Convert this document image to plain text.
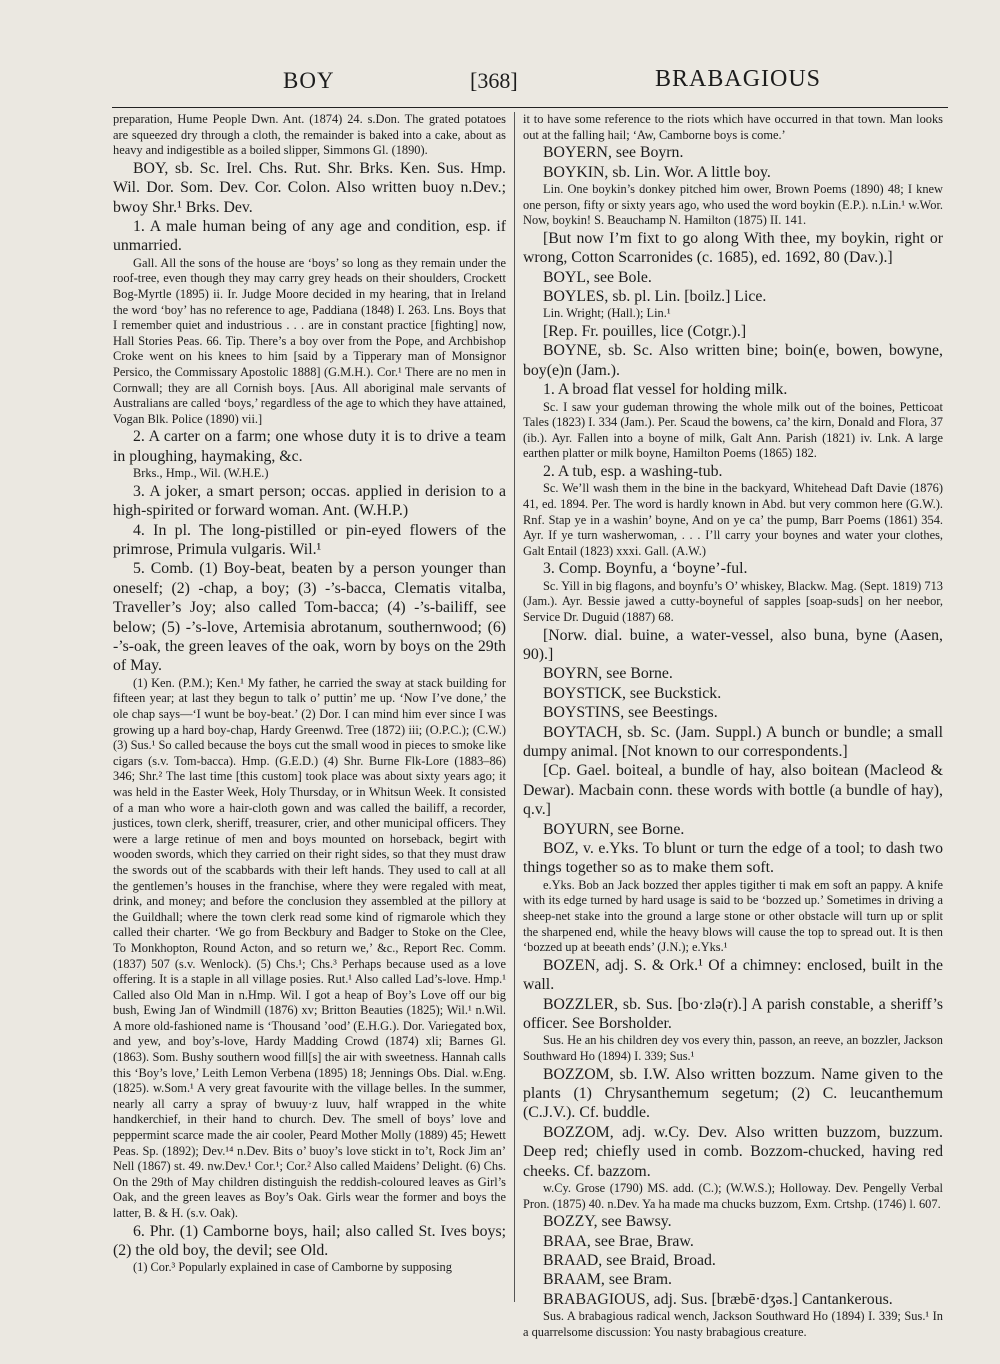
BOY	[368]	BRABAGIOUS

preparation, Hume People Dwn. Ant. (1874) 24. s.Don. The grated potatoes are squeezed dry through a cloth, the remainder is baked into a cake, about as heavy and indigestible as a boiled slipper, Simmons Gl. (1890).

BOY, sb. Sc. Irel. Chs. Rut. Shr. Brks. Ken. Sus. Hmp. Wil. Dor. Som. Dev. Cor. Colon. Also written buoy n.Dev.; bwoy Shr.¹ Brks. Dev.

1. A male human being of any age and condition, esp. if unmarried.

Gall. All the sons of the house are ‘boys’ so long as they remain under the roof-tree, even though they may carry grey heads on their shoulders, Crockett Bog-Myrtle (1895) ii. Ir. Judge Moore decided in my hearing, that in Ireland the word ‘boy’ has no reference to age, Paddiana (1848) I. 263. Lns. Boys that I remember quiet and industrious . . . are in constant practice [fighting] now, Hall Stories Peas. 66. Tip. There’s a boy over from the Pope, and Archbishop Croke went on his knees to him [said by a Tipperary man of Monsignor Persico, the Commissary Apostolic 1888] (G.M.H.). Cor.¹ There are no men in Cornwall; they are all Cornish boys. [Aus. All aboriginal male servants of Australians are called ‘boys,’ regardless of the age to which they have attained, Vogan Blk. Police (1890) vii.]

2. A carter on a farm; one whose duty it is to drive a team in ploughing, haymaking, &c.

Brks., Hmp., Wil. (W.H.E.)

3. A joker, a smart person; occas. applied in derision to a high-spirited or forward woman. Ant. (W.H.P.)

4. In pl. The long-pistilled or pin-eyed flowers of the primrose, Primula vulgaris. Wil.¹

5. Comb. (1) Boy-beat, beaten by a person younger than oneself; (2) -chap, a boy; (3) -’s-bacca, Clematis vitalba, Traveller’s Joy; also called Tom-bacca; (4) -’s-bailiff, see below; (5) -’s-love, Artemisia abrotanum, southernwood; (6) -’s-oak, the green leaves of the oak, worn by boys on the 29th of May.

(1) Ken. (P.M.); Ken.¹ My father, he carried the sway at stack building for fifteen year; at last they begun to talk o’ puttin’ me up. ‘Now I’ve done,’ the ole chap says—‘I wunt be boy-beat.’ (2) Dor. I can mind him ever since I was growing up a hard boy-chap, Hardy Greenwd. Tree (1872) iii; (O.P.C.); (C.W.) (3) Sus.¹ So called because the boys cut the small wood in pieces to smoke like cigars (s.v. Tom-bacca). Hmp. (G.E.D.) (4) Shr. Burne Flk-Lore (1883–86) 346; Shr.² The last time [this custom] took place was about sixty years ago; it was held in the Easter Week, Holy Thursday, or in Whitsun Week. It consisted of a man who wore a hair-cloth gown and was called the bailiff, a recorder, justices, town clerk, sheriff, treasurer, crier, and other municipal officers. They were a large retinue of men and boys mounted on horseback, begirt with wooden swords, which they carried on their right sides, so that they must draw the swords out of the scabbards with their left hands. They used to call at all the gentlemen’s houses in the franchise, where they were regaled with meat, drink, and money; and before the conclusion they assembled at the pillory at the Guildhall; where the town clerk read some kind of rigmarole which they called their charter. ‘We go from Beckbury and Badger to Stoke on the Clee, To Monkhopton, Round Acton, and so return we,’ &c., Report Rec. Comm. (1837) 507 (s.v. Wenlock). (5) Chs.¹; Chs.³ Perhaps because used as a love offering. It is a staple in all village posies. Rut.¹ Also called Lad’s-love. Hmp.¹ Called also Old Man in n.Hmp. Wil. I got a heap of Boy’s Love off our big bush, Ewing Jan of Windmill (1876) xv; Britton Beauties (1825); Wil.¹ n.Wil. A more old-fashioned name is ‘Thousand ’ood’ (E.H.G.). Dor. Variegated box, and yew, and boy’s-love, Hardy Madding Crowd (1874) xli; Barnes Gl. (1863). Som. Bushy southern wood fill[s] the air with sweetness. Hannah calls this ‘Boy’s love,’ Leith Lemon Verbena (1895) 18; Jennings Obs. Dial. w.Eng. (1825). w.Som.¹ A very great favourite with the village belles. In the summer, nearly all carry a spray of bwuuy·z luuv, half wrapped in the white handkerchief, in their hand to church. Dev. The smell of boys’ love and peppermint scarce made the air cooler, Peard Mother Molly (1889) 45; Hewett Peas. Sp. (1892); Dev.¹⁴ n.Dev. Bits o’ buoy’s love stickt in to’t, Rock Jim an’ Nell (1867) st. 49. nw.Dev.¹ Cor.¹; Cor.² Also called Maidens’ Delight. (6) Chs. On the 29th of May children distinguish the reddish-coloured leaves as Girl’s Oak, and the green leaves as Boy’s Oak. Girls wear the former and boys the latter, B. & H. (s.v. Oak).

6. Phr. (1) Camborne boys, hail; also called St. Ives boys; (2) the old boy, the devil; see Old.

(1) Cor.³ Popularly explained in case of Camborne by supposing

it to have some reference to the riots which have occurred in that town. Man looks out at the falling hail; ‘Aw, Camborne boys is come.’

BOYERN, see Boyrn.

BOYKIN, sb. Lin. Wor. A little boy.

Lin. One boykin’s donkey pitched him ower, Brown Poems (1890) 48; I knew one person, fifty or sixty years ago, who used the word boykin (E.P.). n.Lin.¹ w.Wor. Now, boykin! S. Beauchamp N. Hamilton (1875) II. 141.

[But now I’m fixt to go along With thee, my boykin, right or wrong, Cotton Scarronides (c. 1685), ed. 1692, 80 (Dav.).]

BOYL, see Bole.

BOYLES, sb. pl. Lin. [boilz.] Lice.

Lin. Wright; (Hall.); Lin.¹

[Rep. Fr. pouilles, lice (Cotgr.).]

BOYNE, sb. Sc. Also written bine; boin(e, bowen, bowyne, boy(e)n (Jam.).

1. A broad flat vessel for holding milk.

Sc. I saw your gudeman throwing the whole milk out of the boines, Petticoat Tales (1823) I. 334 (Jam.). Per. Scaud the bowens, ca’ the kirn, Donald and Flora, 37 (ib.). Ayr. Fallen into a boyne of milk, Galt Ann. Parish (1821) iv. Lnk. A large earthen platter or milk boyne, Hamilton Poems (1865) 182.

2. A tub, esp. a washing-tub.

Sc. We’ll wash them in the bine in the backyard, Whitehead Daft Davie (1876) 41, ed. 1894. Per. The word is hardly known in Abd. but very common here (G.W.). Rnf. Stap ye in a washin’ boyne, And on ye ca’ the pump, Barr Poems (1861) 354. Ayr. If ye turn washerwoman, . . . I’ll carry your boynes and water your clothes, Galt Entail (1823) xxxi. Gall. (A.W.)

3. Comp. Boynfu, a ‘boyne’-ful.

Sc. Yill in big flagons, and boynfu’s O’ whiskey, Blackw. Mag. (Sept. 1819) 713 (Jam.). Ayr. Bessie jawed a cutty-boyneful of sapples [soap-suds] on her neebor, Service Dr. Duguid (1887) 68.

[Norw. dial. buine, a water-vessel, also buna, byne (Aasen, 90).]

BOYRN, see Borne.

BOYSTICK, see Buckstick.

BOYSTINS, see Beestings.

BOYTACH, sb. Sc. (Jam. Suppl.) A bunch or bundle; a small dumpy animal. [Not known to our correspondents.]

[Cp. Gael. boiteal, a bundle of hay, also boitean (Macleod & Dewar). Macbain conn. these words with bottle (a bundle of hay), q.v.]

BOYURN, see Borne.

BOZ, v. e.Yks. To blunt or turn the edge of a tool; to dash two things together so as to make them soft.

e.Yks. Bob an Jack bozzed ther apples tigither ti mak em soft an pappy. A knife with its edge turned by hard usage is said to be ‘bozzed up.’ Sometimes in driving a sheep-net stake into the ground a large stone or other obstacle will turn up or split the sharpened end, while the heavy blows will cause the top to spread out. It is then ‘bozzed up at beeath ends’ (J.N.); e.Yks.¹

BOZEN, adj. S. & Ork.¹ Of a chimney: enclosed, built in the wall.

BOZZLER, sb. Sus. [bo·zlə(r).] A parish constable, a sheriff’s officer. See Borsholder.

Sus. He an his children dey vos every thin, passon, an reeve, an bozzler, Jackson Southward Ho (1894) I. 339; Sus.¹

BOZZOM, sb. I.W. Also written bozzum. Name given to the plants (1) Chrysanthemum segetum; (2) C. leucanthemum (C.J.V.). Cf. buddle.

BOZZOM, adj. w.Cy. Dev. Also written buzzom, buzzum. Deep red; chiefly used in comb. Bozzom-chucked, having red cheeks. Cf. bazzom.

w.Cy. Grose (1790) MS. add. (C.); (W.W.S.); Holloway. Dev. Pengelly Verbal Pron. (1875) 40. n.Dev. Ya ha made ma chucks buzzom, Exm. Crtshp. (1746) l. 607.

BOZZY, see Bawsy.

BRAA, see Brae, Braw.

BRAAD, see Braid, Broad.

BRAAM, see Bram.

BRABAGIOUS, adj. Sus. [bræbē·dʒəs.] Cantankerous.

Sus. A brabagious radical wench, Jackson Southward Ho (1894) I. 339; Sus.¹ In a quarrelsome discussion: You nasty brabagious creature.
